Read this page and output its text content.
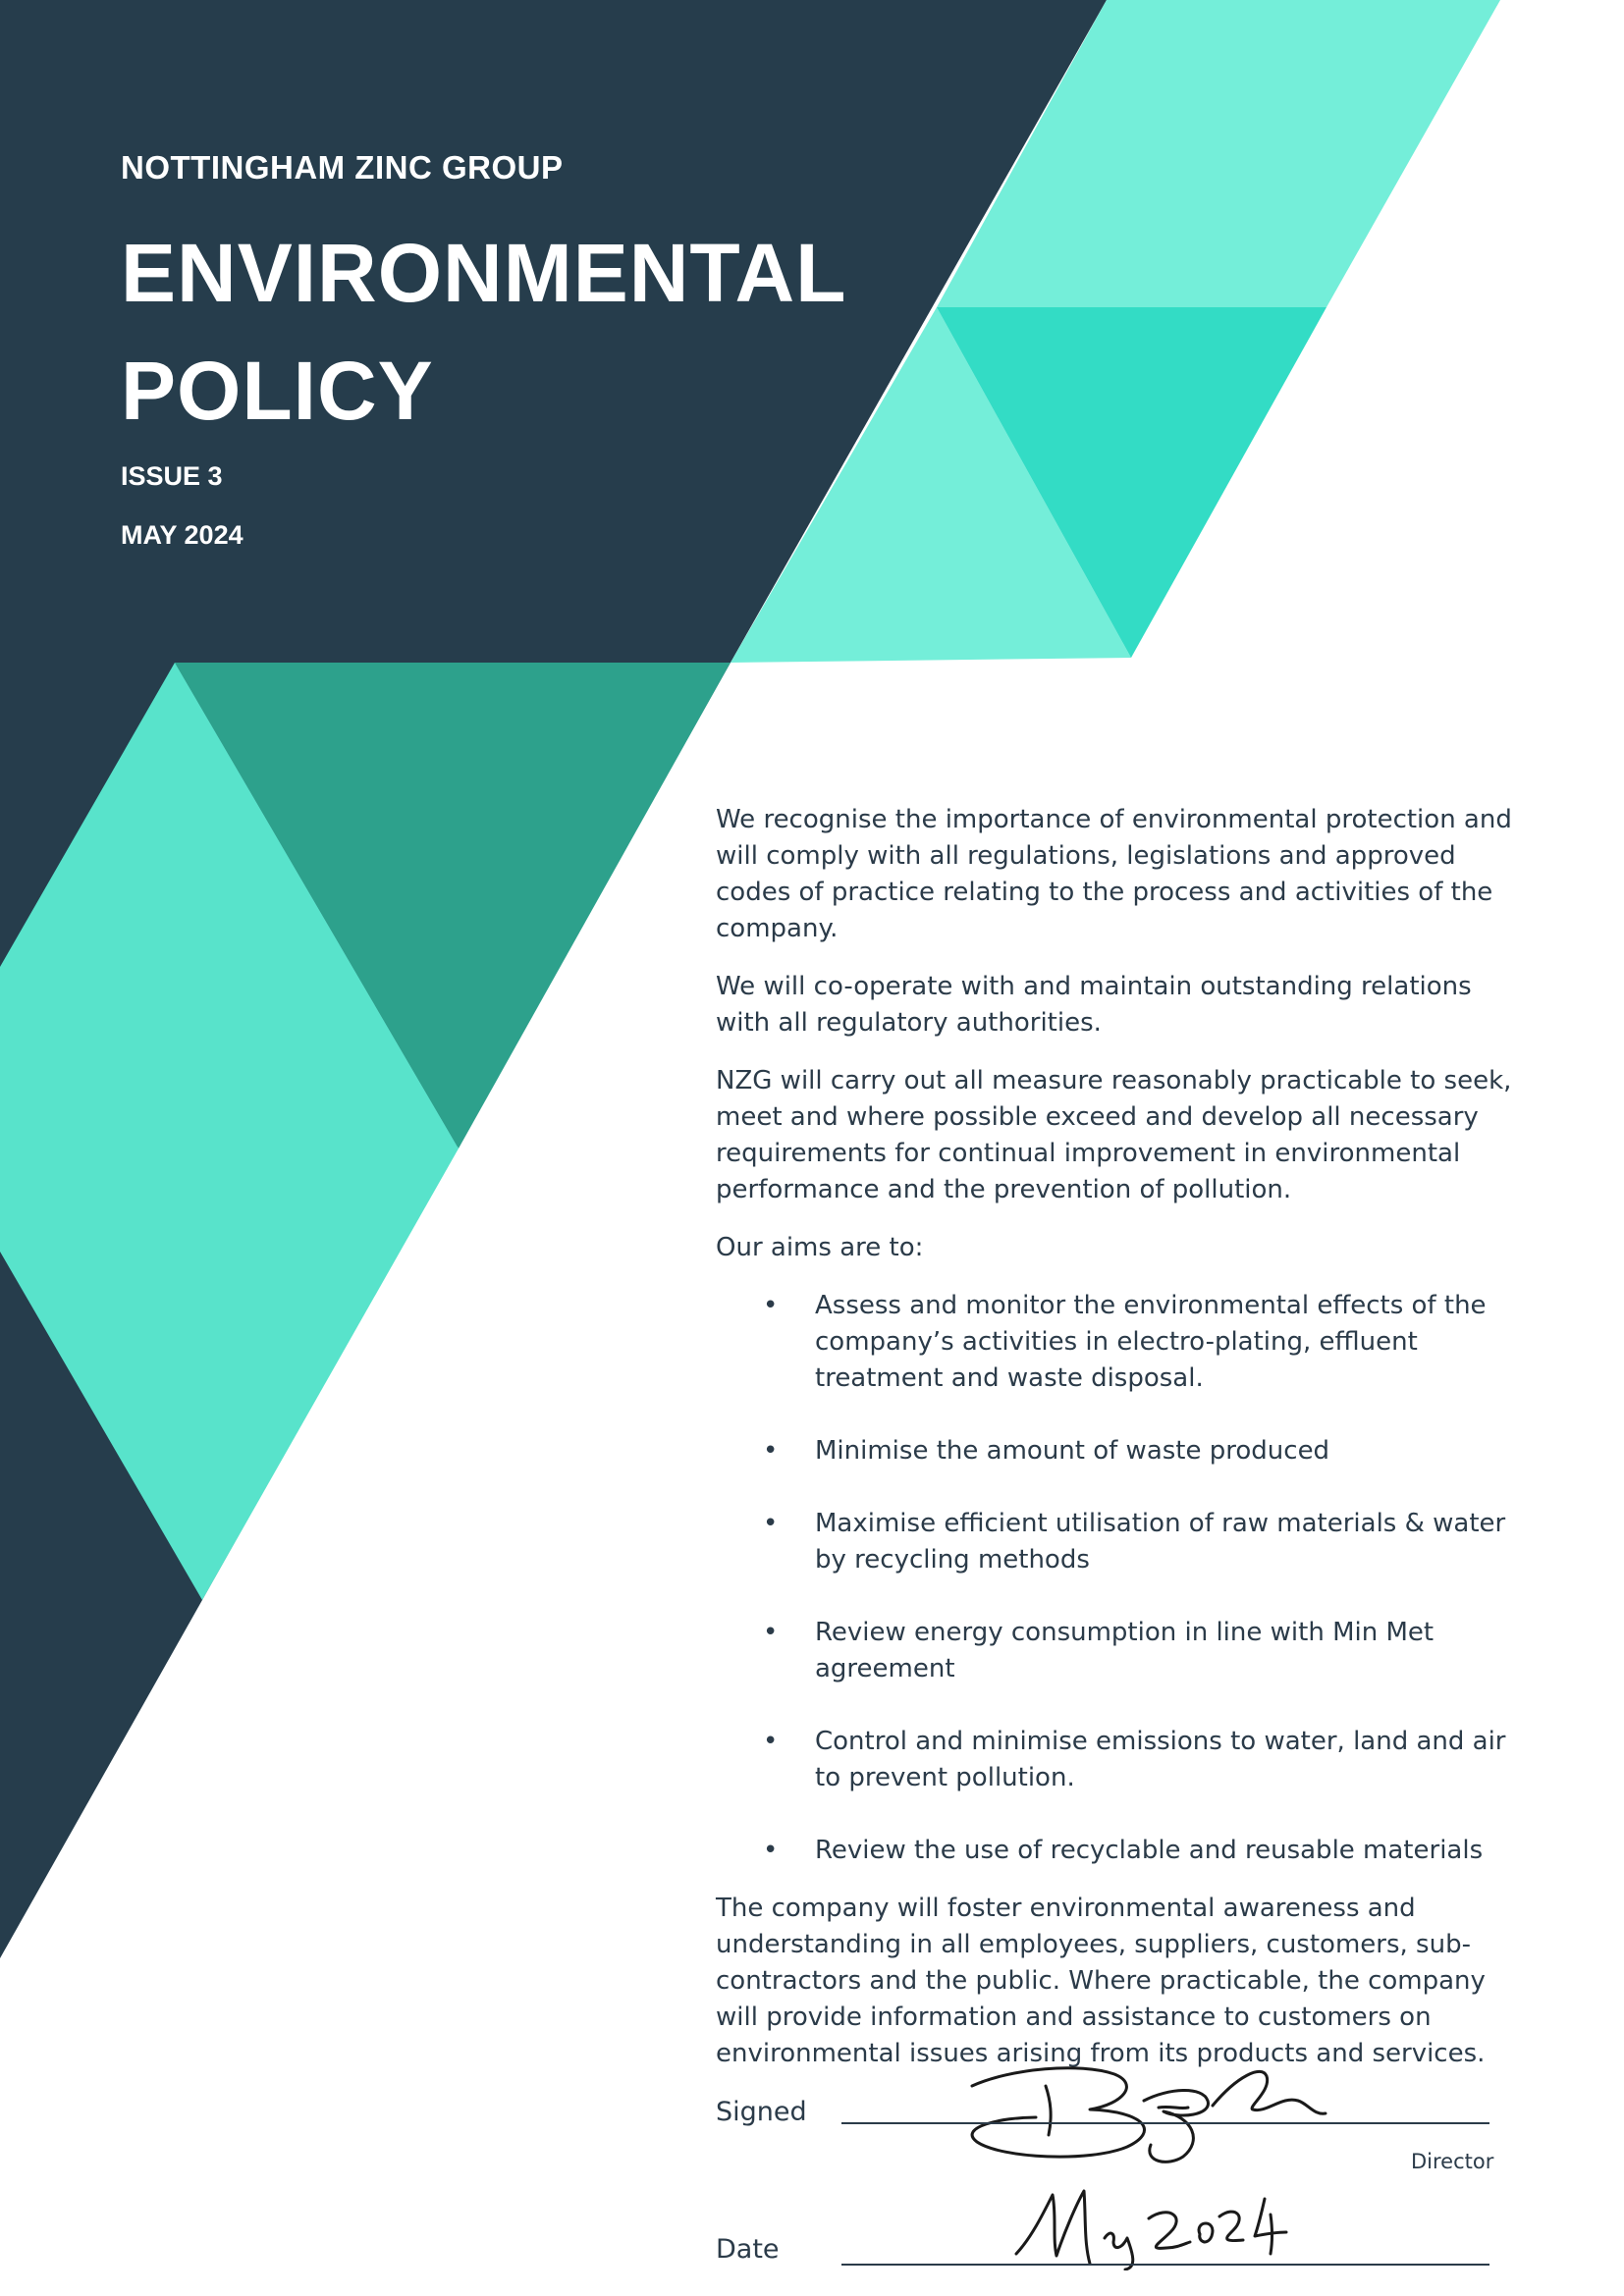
NOTTINGHAM ZINC GROUP
ENVIRONMENTAL
POLICY
ISSUE 3
MAY 2024

We recognise the importance of environmental protection and will comply with all regulations, legislations and approved codes of practice relating to the process and activities of the company.

We will co-operate with and maintain outstanding relations with all regulatory authorities.

NZG will carry out all measure reasonably practicable to seek, meet and where possible exceed and develop all necessary requirements for continual improvement in environmental performance and the prevention of pollution.

Our aims are to:

• Assess and monitor the environmental effects of the company’s activities in electro-plating, effluent treatment and waste disposal.
• Minimise the amount of waste produced
• Maximise efficient utilisation of raw materials & water by recycling methods
• Review energy consumption in line with Min Met agreement
• Control and minimise emissions to water, land and air to prevent pollution.
• Review the use of recyclable and reusable materials

The company will foster environmental awareness and understanding in all employees, suppliers, customers, sub-contractors and the public. Where practicable, the company will provide information and assistance to customers on environmental issues arising from its products and services.

Signed
Director
Date
